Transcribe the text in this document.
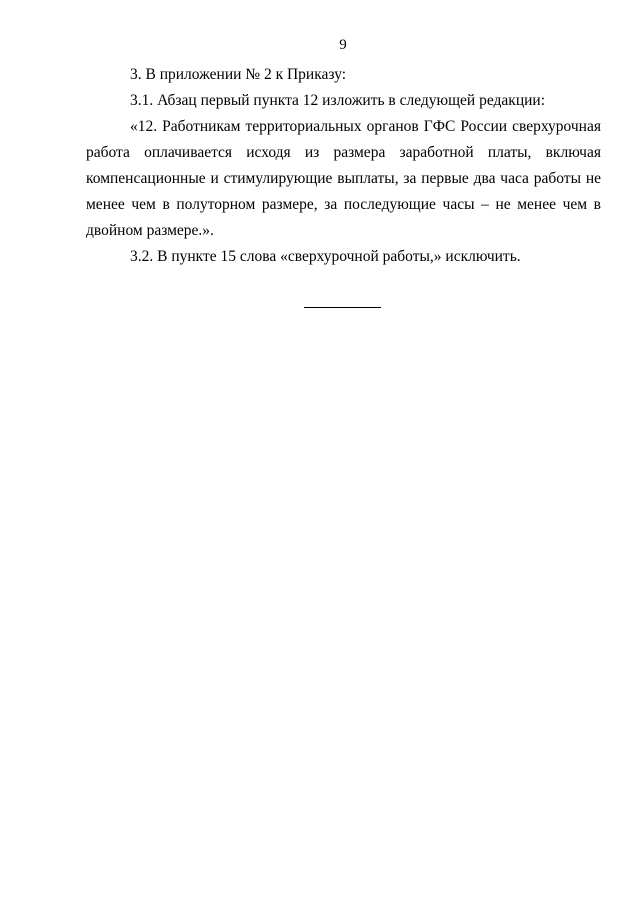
9

3. В приложении № 2 к Приказу:

3.1. Абзац первый пункта 12 изложить в следующей редакции:

«12. Работникам территориальных органов ГФС России сверхурочная работа оплачивается исходя из размера заработной платы, включая компенсационные и стимулирующие выплаты, за первые два часа работы не менее чем в полуторном размере, за последующие часы – не менее чем в двойном размере.».

3.2. В пункте 15 слова «сверхурочной работы,» исключить.
